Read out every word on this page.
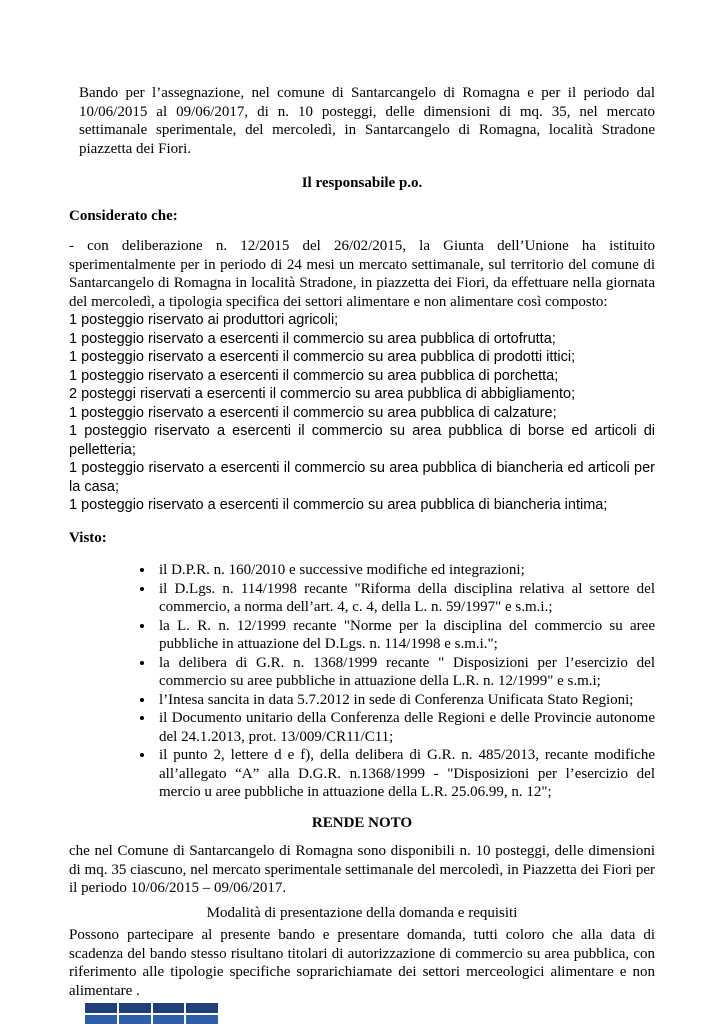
Bando per l’assegnazione, nel comune di Santarcangelo di Romagna e per il periodo dal 10/06/2015 al 09/06/2017, di n. 10 posteggi, delle dimensioni di mq. 35, nel mercato settimanale sperimentale, del mercoledì, in Santarcangelo di Romagna, località Stradone piazzetta dei Fiori.

Il responsabile p.o.

Considerato che:

- con deliberazione n. 12/2015 del 26/02/2015, la Giunta dell’Unione ha istituito sperimentalmente per in periodo di 24 mesi un mercato settimanale, sul territorio del comune di Santarcangelo di Romagna in località Stradone, in piazzetta dei Fiori, da effettuare nella giornata del mercoledì, a tipologia specifica dei settori alimentare e non alimentare così composto:

1 posteggio riservato ai produttori agricoli;
1 posteggio riservato a esercenti il commercio su area pubblica di ortofrutta;
1 posteggio riservato a esercenti il commercio su area pubblica di prodotti ittici;
1 posteggio riservato a esercenti il commercio su area pubblica di porchetta;
2 posteggi riservati a esercenti il commercio su area pubblica di abbigliamento;
1 posteggio riservato a esercenti il commercio su area pubblica di calzature;
1 posteggio riservato a esercenti il commercio su area pubblica di borse ed articoli di pelletteria;
1 posteggio riservato a esercenti il commercio su area pubblica di biancheria ed articoli per la casa;
1 posteggio riservato a esercenti il commercio su area pubblica di biancheria intima;

Visto:

• il D.P.R. n. 160/2010 e successive modifiche ed integrazioni;
• il D.Lgs. n. 114/1998 recante "Riforma della disciplina relativa al settore del commercio, a norma dell’art. 4, c. 4, della L. n. 59/1997" e s.m.i.;
• la L. R. n. 12/1999 recante "Norme per la disciplina del commercio su aree pubbliche in attuazione del D.Lgs. n. 114/1998 e s.m.i.";
• la delibera di G.R. n. 1368/1999 recante " Disposizioni per l’esercizio del commercio su aree pubbliche in attuazione della L.R. n. 12/1999" e s.m.i;
• l’Intesa sancita in data 5.7.2012 in sede di Conferenza Unificata Stato Regioni;
• il Documento unitario della Conferenza delle Regioni e delle Provincie autonome del 24.1.2013, prot. 13/009/CR11/C11;
• il punto 2, lettere d e f), della delibera di G.R. n. 485/2013, recante modifiche all’allegato “A” alla D.G.R. n.1368/1999 - "Disposizioni per l’esercizio del mercio u aree pubbliche in attuazione della L.R. 25.06.99, n. 12";

RENDE NOTO

che nel Comune di Santarcangelo di Romagna sono disponibili n. 10 posteggi, delle dimensioni di mq. 35 ciascuno, nel mercato sperimentale settimanale del mercoledì, in Piazzetta dei Fiori per il periodo 10/06/2015 – 09/06/2017.

Modalità di presentazione della domanda e requisiti

Possono partecipare al presente bando e presentare domanda, tutti coloro che alla data di scadenza del bando stesso risultano titolari di autorizzazione di commercio su area pubblica, con riferimento alle tipologie specifiche soprarichiamate dei settori merceologici alimentare e non alimentare .
